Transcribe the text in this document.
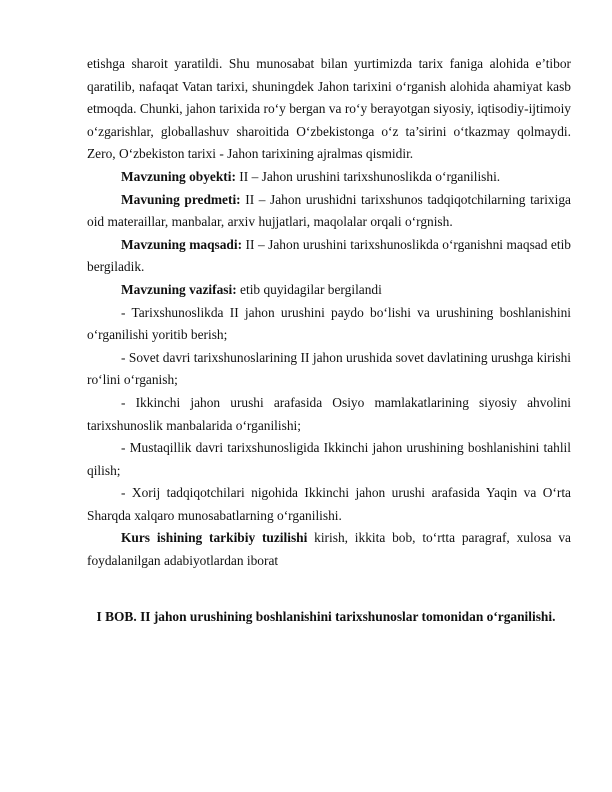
etishga sharoit yaratildi. Shu munosabat bilan yurtimizda tarix faniga alohida e’tibor qaratilib, nafaqat Vatan tarixi, shuningdek Jahon tarixini o‘rganish alohida ahamiyat kasb etmoqda. Chunki, jahon tarixida ro‘y bergan va ro‘y berayotgan siyosiy, iqtisodiy-ijtimoiy o‘zgarishlar, globallashuv sharoitida O‘zbekistonga o‘z ta’sirini o‘tkazmay qolmaydi. Zero, O‘zbekiston tarixi - Jahon tarixining ajralmas qismidir.

Mavzuning obyekti: II – Jahon urushini tarixshunoslikda o‘rganilishi.

Mavuning predmeti: II – Jahon urushidni tarixshunos tadqiqotchilarning tarixiga oid materaillar, manbalar, arxiv hujjatlari, maqolalar orqali o‘rgnish.

Mavzuning maqsadi: II – Jahon urushini tarixshunoslikda o‘rganishni maqsad etib bergiladik.

Mavzuning vazifasi: etib quyidagilar bergilandi

- Tarixshunoslikda II jahon urushini paydo bo‘lishi va urushining boshlanishini o‘rganilishi yoritib berish;

- Sovet davri tarixshunoslarining II jahon urushida sovet davlatining urushga kirishi ro‘lini o‘rganish;

- Ikkinchi jahon urushi arafasida Osiyo mamlakatlarining siyosiy ahvolini tarixshunoslik manbalarida o‘rganilishi;

- Mustaqillik davri tarixshunosligida Ikkinchi jahon urushining boshlanishini tahlil qilish;

- Xorij tadqiqotchilari nigohida Ikkinchi jahon urushi arafasida Yaqin va O‘rta Sharqda xalqaro munosabatlarning o‘rganilishi.

Kurs ishining tarkibiy tuzilishi kirish, ikkita bob, to‘rtta paragraf, xulosa va foydalanilgan adabiyotlardan iborat

I BOB. II jahon urushining boshlanishini tarixshunoslar tomonidan o‘rganilishi.
